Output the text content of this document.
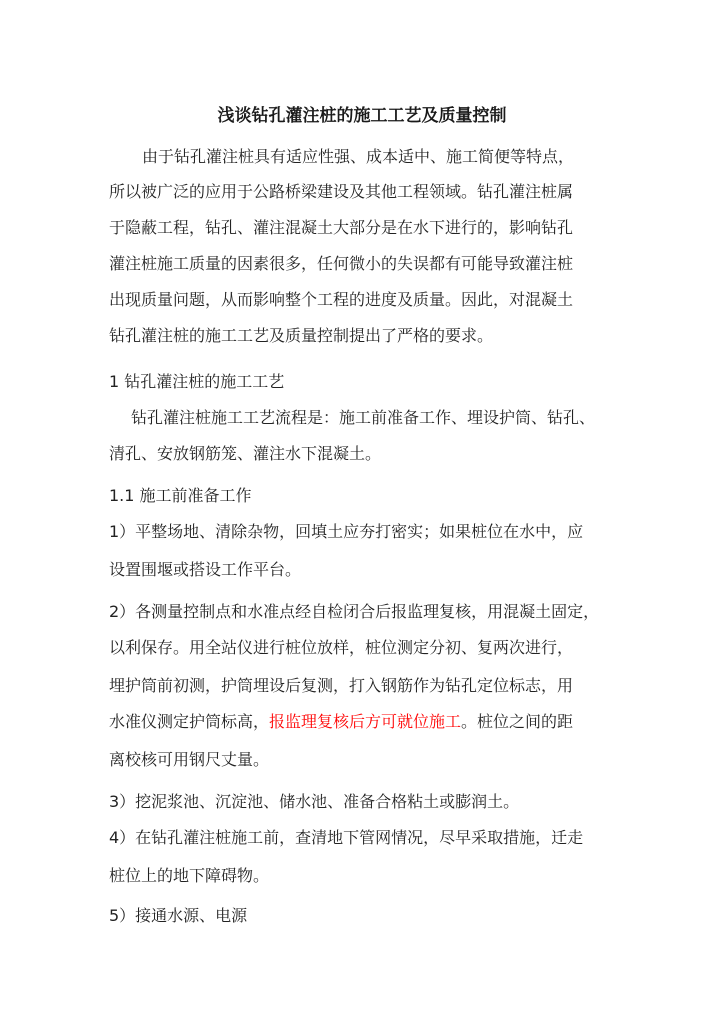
浅谈钻孔灌注桩的施工工艺及质量控制
由于钻孔灌注桩具有适应性强、成本适中、施工简便等特点，
所以被广泛的应用于公路桥梁建设及其他工程领域。钻孔灌注桩属
于隐蔽工程，钻孔、灌注混凝土大部分是在水下进行的，影响钻孔
灌注桩施工质量的因素很多，任何微小的失误都有可能导致灌注桩
出现质量问题，从而影响整个工程的进度及质量。因此，对混凝土
钻孔灌注桩的施工工艺及质量控制提出了严格的要求。
1 钻孔灌注桩的施工工艺
钻孔灌注桩施工工艺流程是：施工前准备工作、埋设护筒、钻孔、
清孔、安放钢筋笼、灌注水下混凝土。
1.1 施工前准备工作
1）平整场地、清除杂物，回填土应夯打密实；如果桩位在水中，应
设置围堰或搭设工作平台。
2）各测量控制点和水准点经自检闭合后报监理复核，用混凝土固定，
以利保存。用全站仪进行桩位放样，桩位测定分初、复两次进行，
埋护筒前初测，护筒埋设后复测，打入钢筋作为钻孔定位标志，用
水准仪测定护筒标高，报监理复核后方可就位施工。桩位之间的距
离校核可用钢尺丈量。
3）挖泥浆池、沉淀池、储水池、准备合格粘土或膨润土。
4）在钻孔灌注桩施工前，查清地下管网情况，尽早采取措施，迁走
桩位上的地下障碍物。
5）接通水源、电源
